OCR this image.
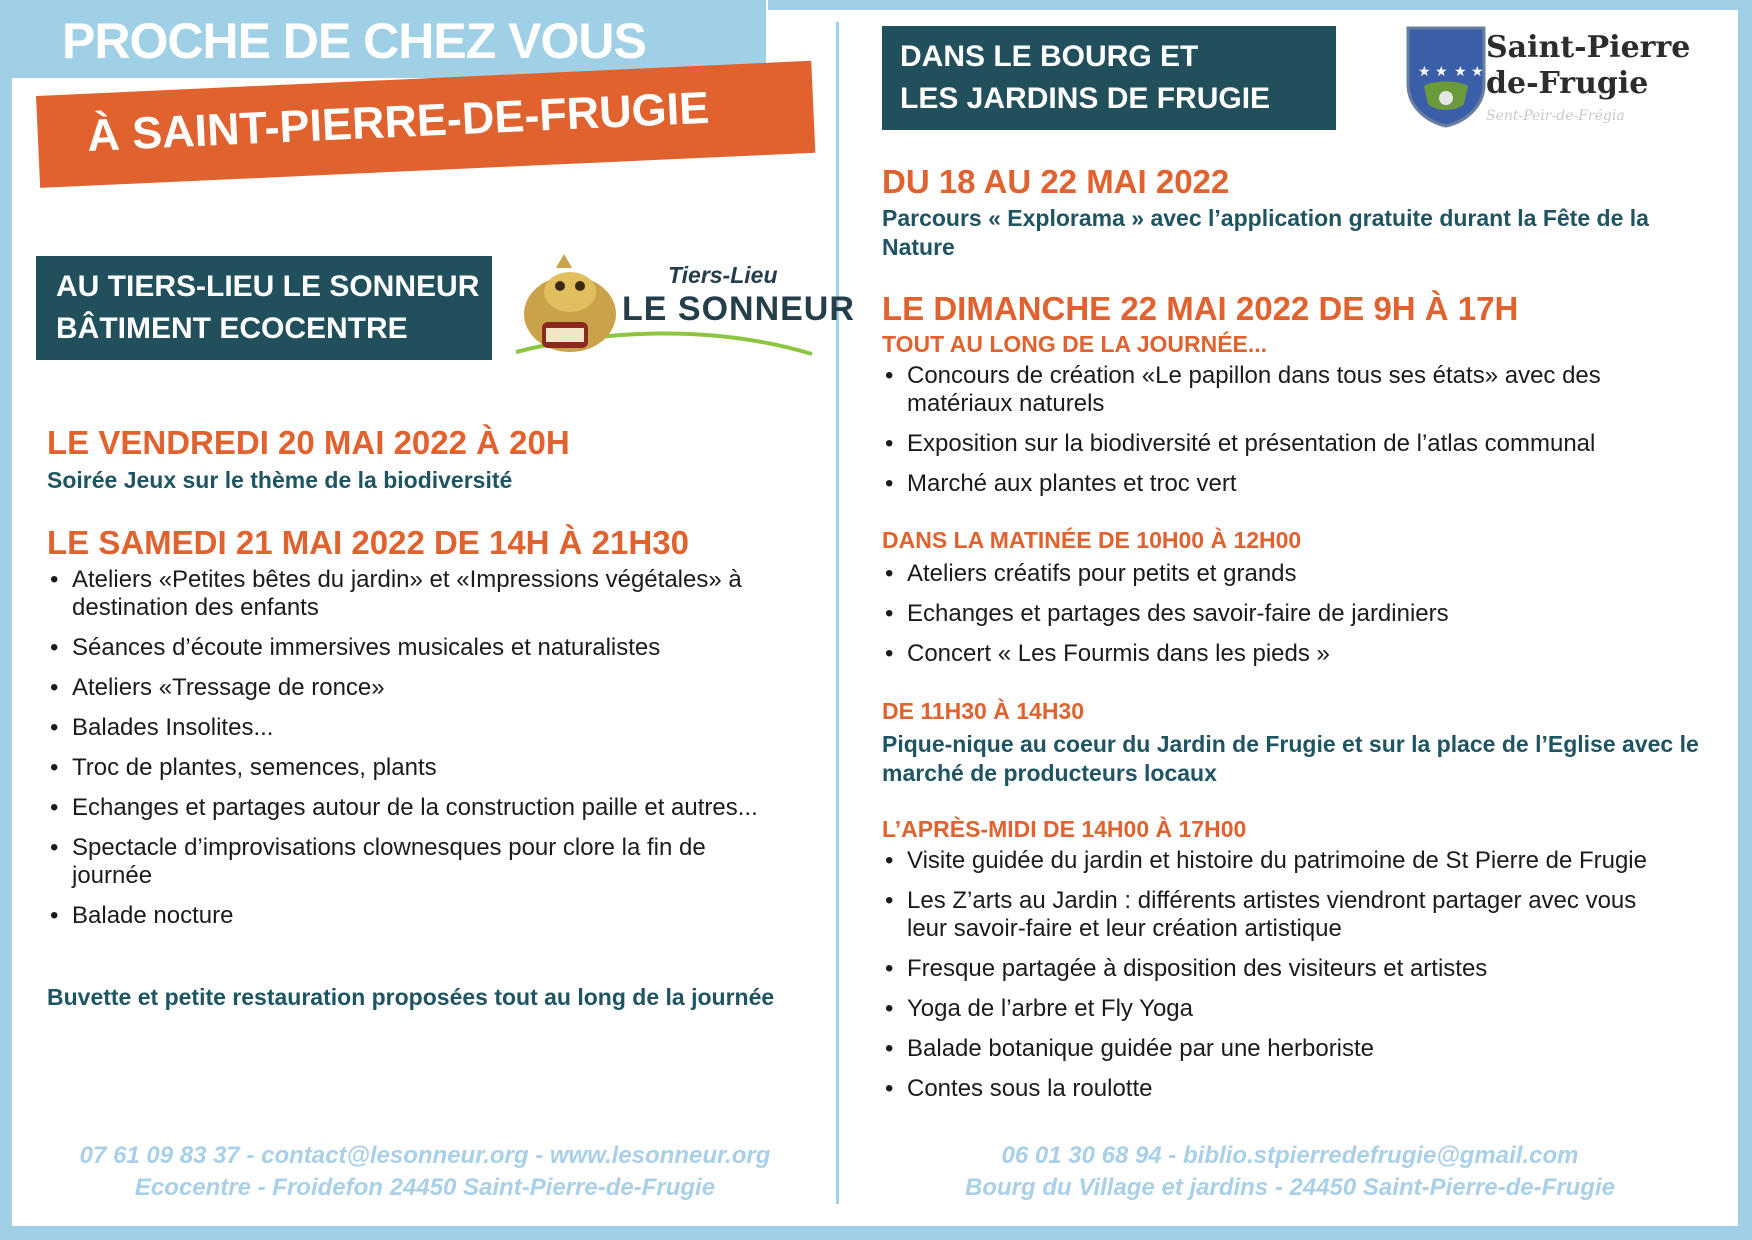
PROCHE DE CHEZ VOUS
À SAINT-PIERRE-DE-FRUGIE
AU TIERS-LIEU LE SONNEUR
BÂTIMENT ECOCENTRE
Tiers-Lieu
LE SONNEUR
LE VENDREDI 20 MAI 2022 À 20H
Soirée Jeux sur le thème de la biodiversité
LE SAMEDI 21 MAI 2022 DE 14H À 21H30
• Ateliers «Petites bêtes du jardin» et «Impressions végétales» à destination des enfants
• Séances d’écoute immersives musicales et naturalistes
• Ateliers «Tressage de ronce»
• Balades Insolites...
• Troc de plantes, semences, plants
• Echanges et partages autour de la construction paille et autres...
• Spectacle d’improvisations clownesques pour clore la fin de journée
• Balade nocture
Buvette et petite restauration proposées tout au long de la journée
07 61 09 83 37 - contact@lesonneur.org - www.lesonneur.org
Ecocentre - Froidefon 24450 Saint-Pierre-de-Frugie
DANS LE BOURG ET
LES JARDINS DE FRUGIE
★ ★ ★ ★
Saint-Pierre de-Frugie
Sent-Peir-de-Frégia
DU 18 AU 22 MAI 2022
Parcours « Explorama » avec l’application gratuite durant la Fête de la Nature
LE DIMANCHE 22 MAI 2022 DE 9H À 17H
TOUT AU LONG DE LA JOURNÉE...
• Concours de création «Le papillon dans tous ses états» avec des matériaux naturels
• Exposition sur la biodiversité et présentation de l’atlas communal
• Marché aux plantes et troc vert
DANS LA MATINÉE DE 10H00 À 12H00
• Ateliers créatifs pour petits et grands
• Echanges et partages des savoir-faire de jardiniers
• Concert « Les Fourmis dans les pieds »
DE 11H30 À 14H30
Pique-nique au coeur du Jardin de Frugie et sur la place de l’Eglise avec le marché de producteurs locaux
L’APRÈS-MIDI DE 14H00 À 17H00
• Visite guidée du jardin et histoire du patrimoine de St Pierre de Frugie
• Les Z’arts au Jardin : différents artistes viendront partager avec vous leur savoir-faire et leur création artistique
• Fresque partagée à disposition des visiteurs et artistes
• Yoga de l’arbre et Fly Yoga
• Balade botanique guidée par une herboriste
• Contes sous la roulotte
06 01 30 68 94 - biblio.stpierredefrugie@gmail.com
Bourg du Village et jardins - 24450 Saint-Pierre-de-Frugie
